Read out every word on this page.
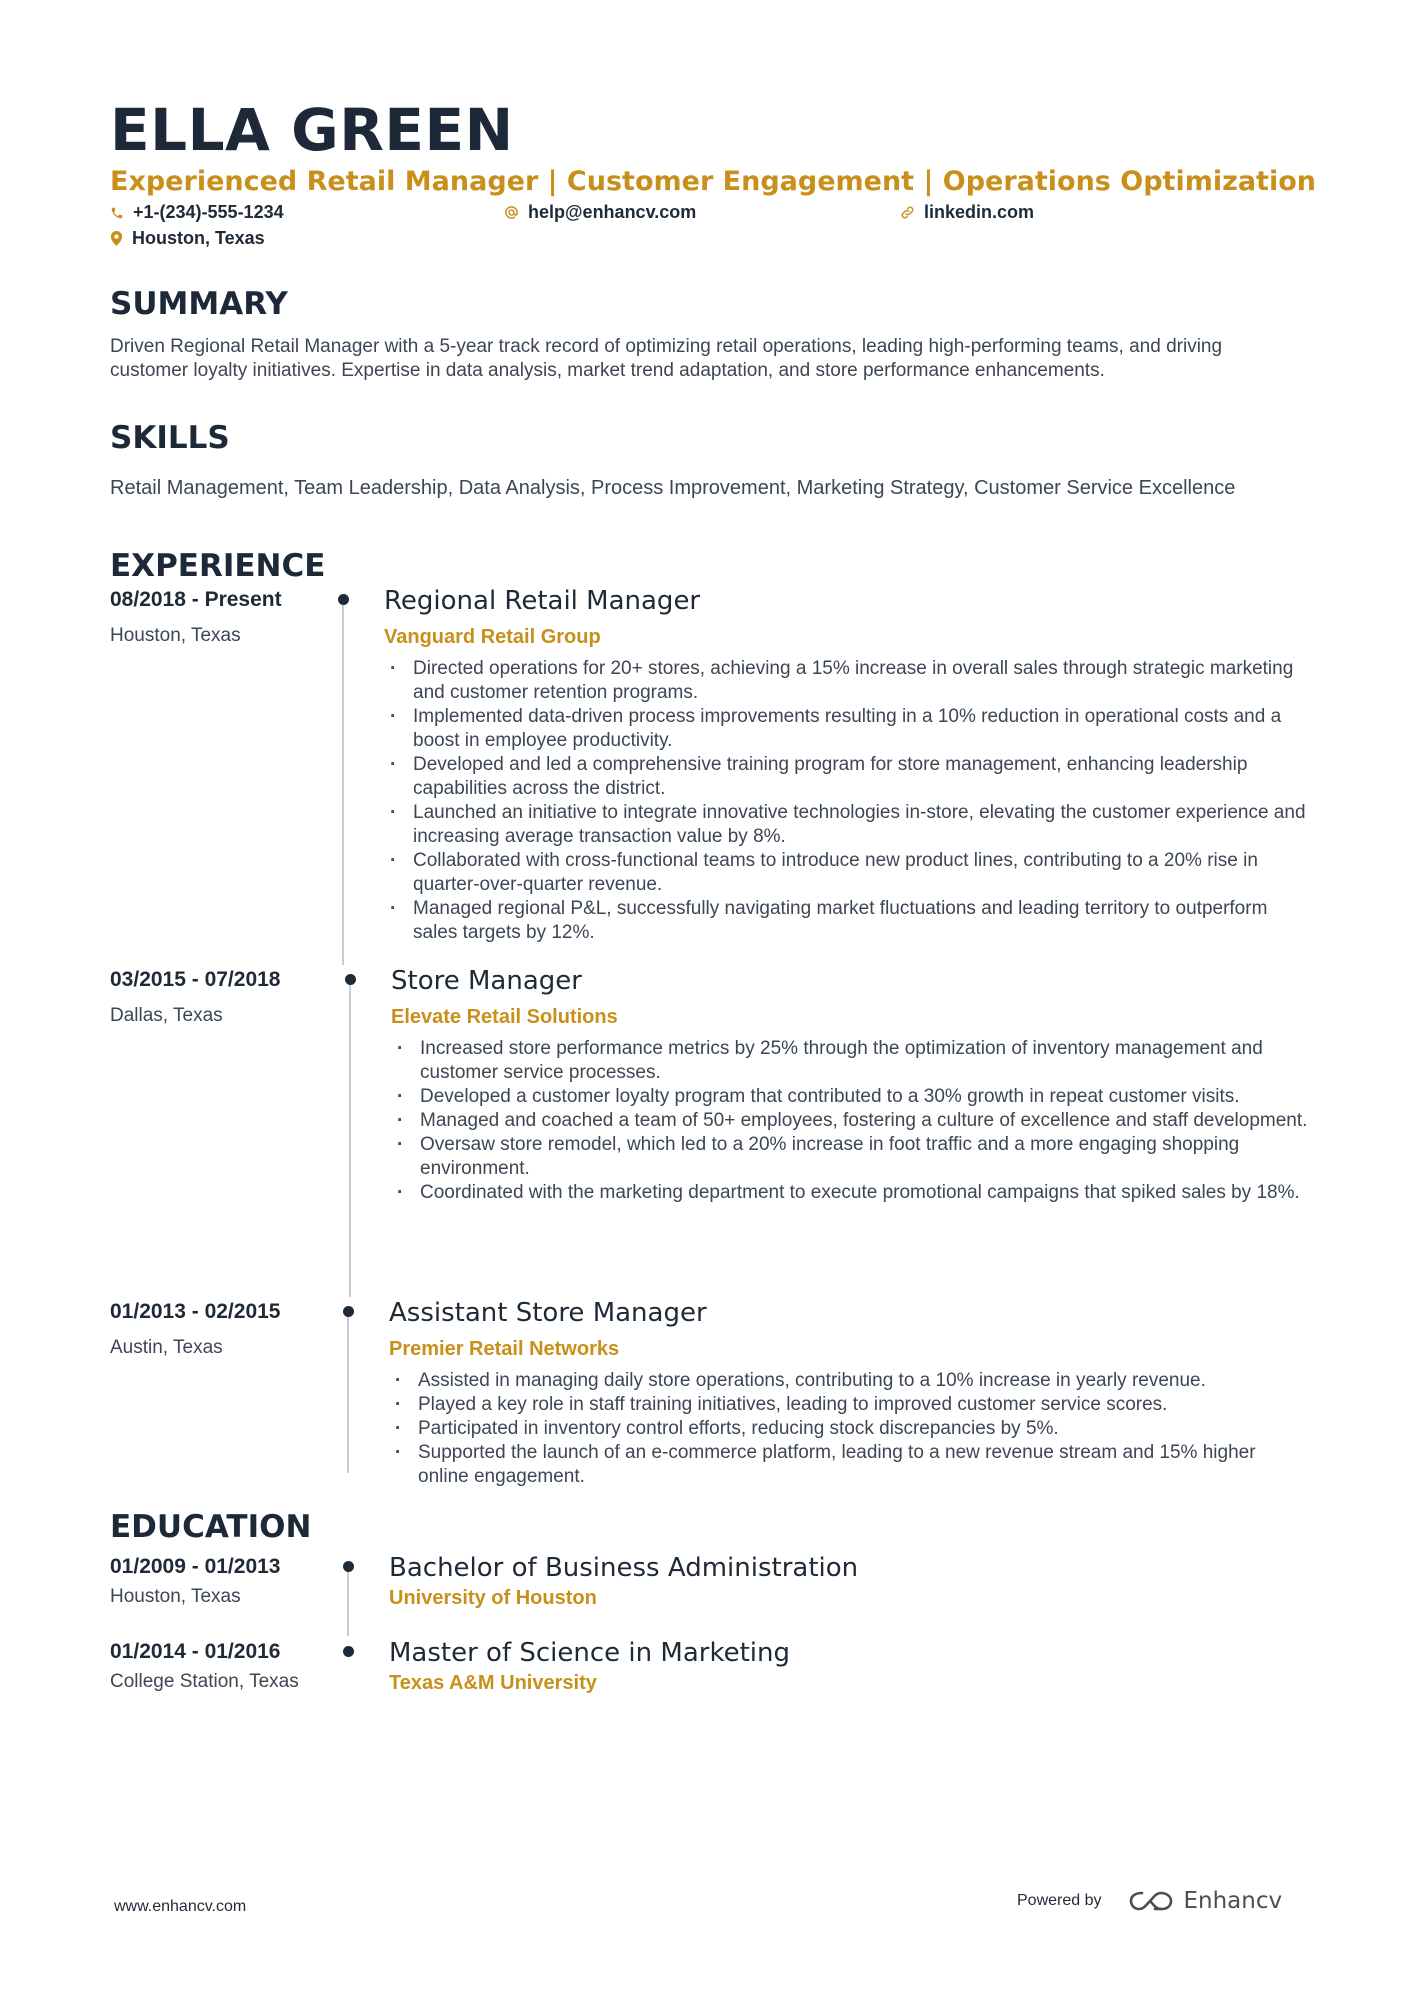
ELLA GREEN
Experienced Retail Manager | Customer Engagement | Operations Optimization
+1-(234)-555-1234	help@enhancv.com	linkedin.com
Houston, Texas
SUMMARY
Driven Regional Retail Manager with a 5-year track record of optimizing retail operations, leading high-performing teams, and driving customer loyalty initiatives. Expertise in data analysis, market trend adaptation, and store performance enhancements.
SKILLS
Retail Management, Team Leadership, Data Analysis, Process Improvement, Marketing Strategy, Customer Service Excellence
EXPERIENCE
08/2018 - Present
Houston, Texas
Regional Retail Manager
Vanguard Retail Group
· Directed operations for 20+ stores, achieving a 15% increase in overall sales through strategic marketing and customer retention programs.
· Implemented data-driven process improvements resulting in a 10% reduction in operational costs and a boost in employee productivity.
· Developed and led a comprehensive training program for store management, enhancing leadership capabilities across the district.
· Launched an initiative to integrate innovative technologies in-store, elevating the customer experience and increasing average transaction value by 8%.
· Collaborated with cross-functional teams to introduce new product lines, contributing to a 20% rise in quarter-over-quarter revenue.
· Managed regional P&L, successfully navigating market fluctuations and leading territory to outperform sales targets by 12%.
03/2015 - 07/2018
Dallas, Texas
Store Manager
Elevate Retail Solutions
· Increased store performance metrics by 25% through the optimization of inventory management and customer service processes.
· Developed a customer loyalty program that contributed to a 30% growth in repeat customer visits.
· Managed and coached a team of 50+ employees, fostering a culture of excellence and staff development.
· Oversaw store remodel, which led to a 20% increase in foot traffic and a more engaging shopping environment.
· Coordinated with the marketing department to execute promotional campaigns that spiked sales by 18%.
01/2013 - 02/2015
Austin, Texas
Assistant Store Manager
Premier Retail Networks
· Assisted in managing daily store operations, contributing to a 10% increase in yearly revenue.
· Played a key role in staff training initiatives, leading to improved customer service scores.
· Participated in inventory control efforts, reducing stock discrepancies by 5%.
· Supported the launch of an e-commerce platform, leading to a new revenue stream and 15% higher online engagement.
EDUCATION
01/2009 - 01/2013
Houston, Texas
Bachelor of Business Administration
University of Houston
01/2014 - 01/2016
College Station, Texas
Master of Science in Marketing
Texas A&M University
www.enhancv.com	Powered by	Enhancv
